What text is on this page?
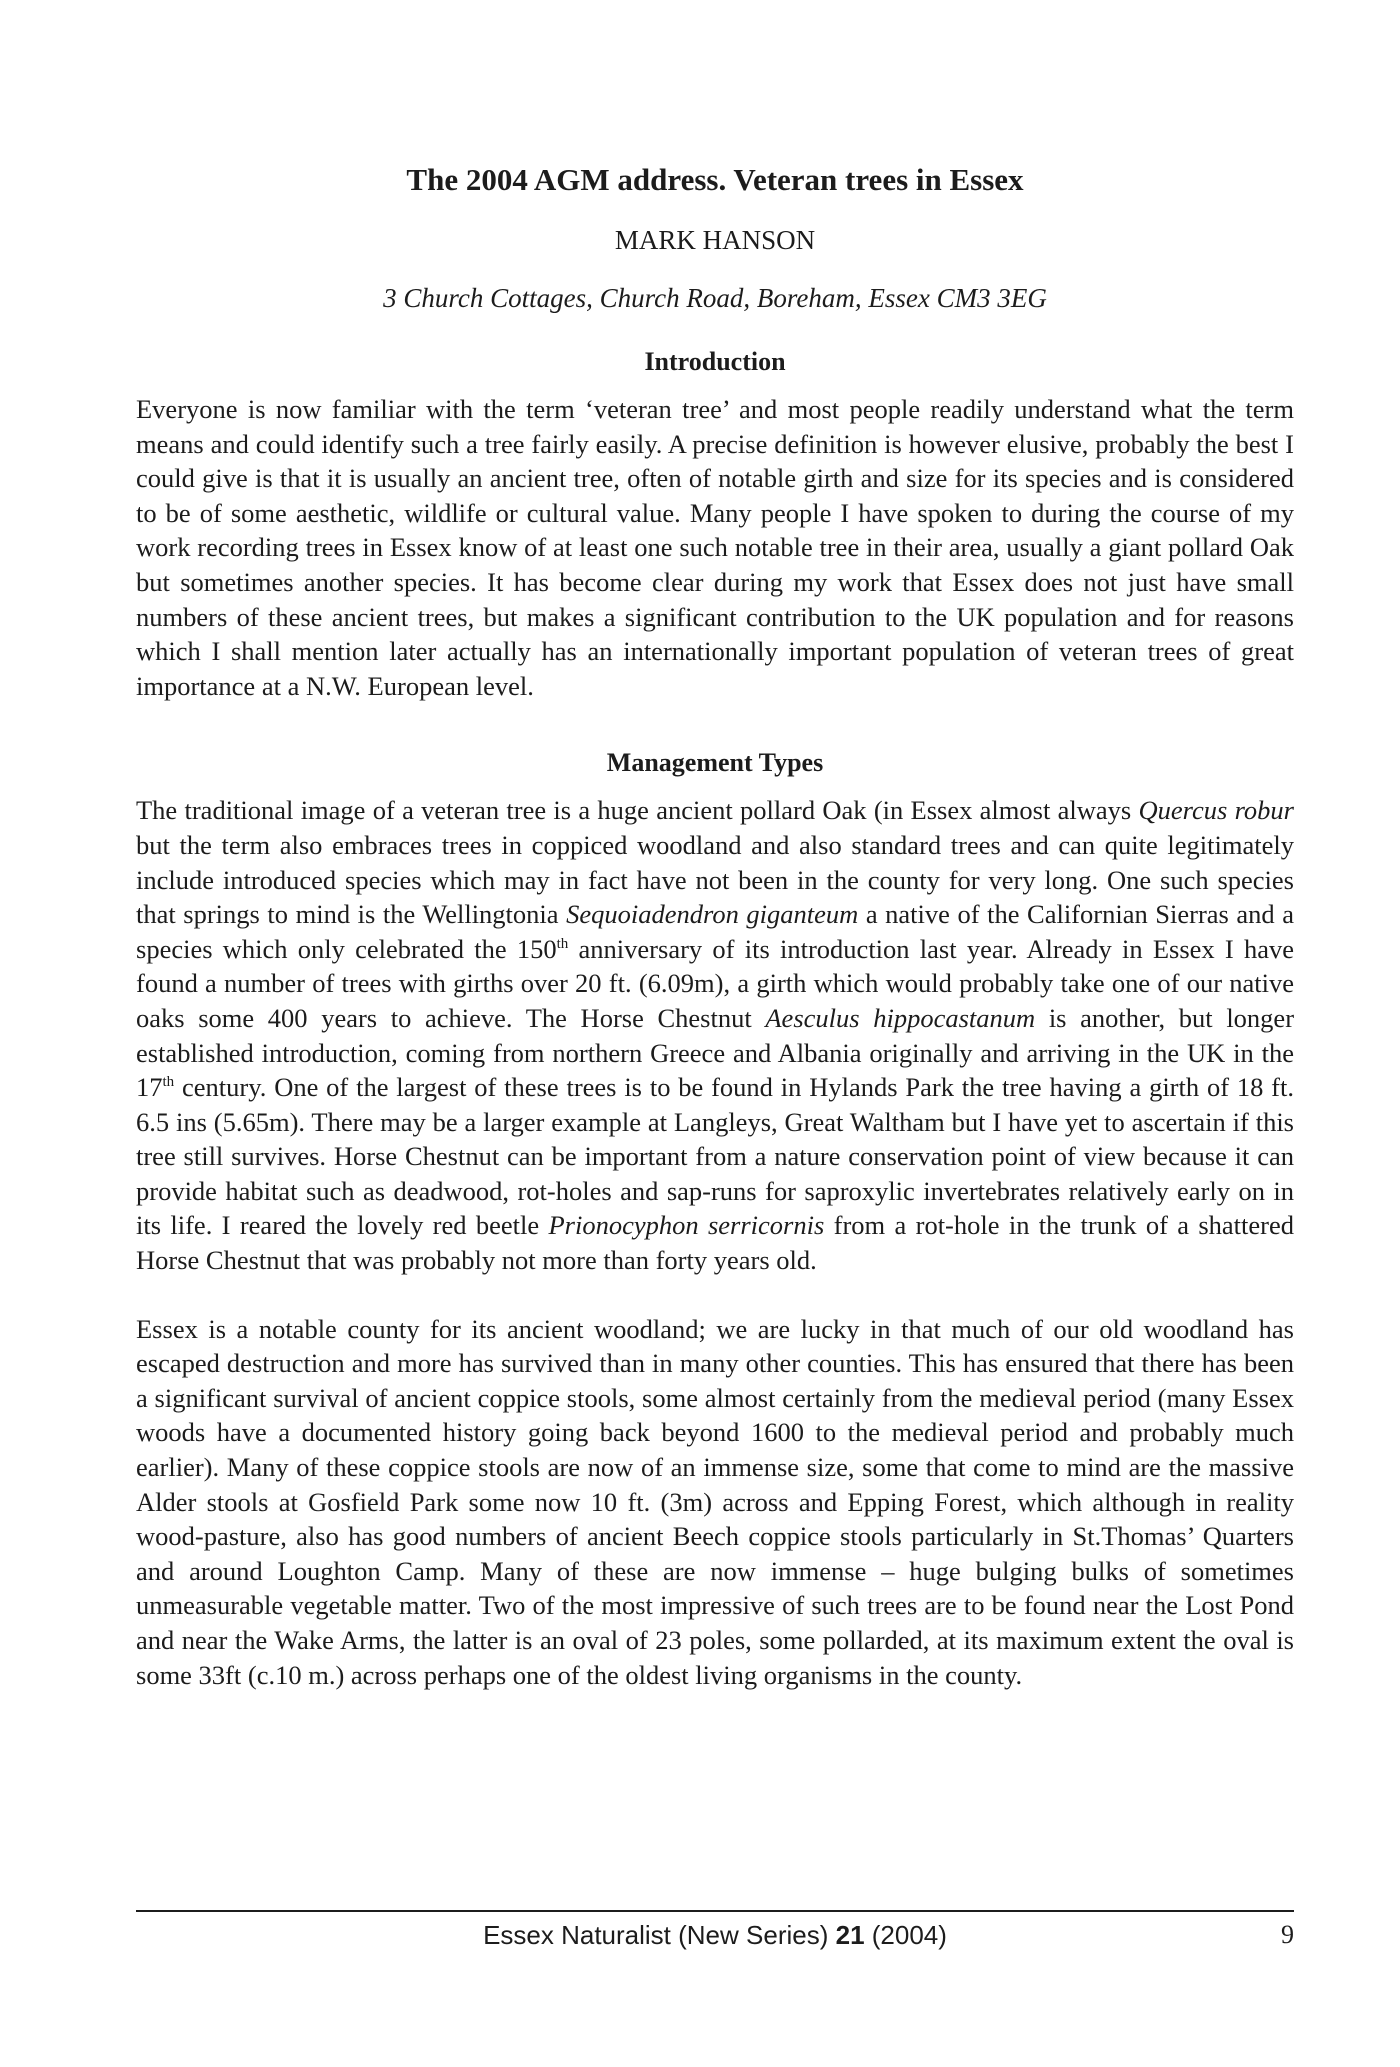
The 2004 AGM address. Veteran trees in Essex
MARK HANSON
3 Church Cottages, Church Road, Boreham, Essex CM3 3EG
Introduction

Everyone is now familiar with the term ‘veteran tree’ and most people readily understand what the term means and could identify such a tree fairly easily. A precise definition is however elusive, probably the best I could give is that it is usually an ancient tree, often of notable girth and size for its species and is considered to be of some aesthetic, wildlife or cultural value. Many people I have spoken to during the course of my work recording trees in Essex know of at least one such notable tree in their area, usually a giant pollard Oak but sometimes another species. It has become clear during my work that Essex does not just have small numbers of these ancient trees, but makes a significant contribution to the UK population and for reasons which I shall mention later actually has an internationally important population of veteran trees of great importance at a N.W. European level.

Management Types

The traditional image of a veteran tree is a huge ancient pollard Oak (in Essex almost always Quercus robur but the term also embraces trees in coppiced woodland and also standard trees and can quite legitimately include introduced species which may in fact have not been in the county for very long. One such species that springs to mind is the Wellingtonia Sequoiadendron giganteum a native of the Californian Sierras and a species which only celebrated the 150th anniversary of its introduction last year. Already in Essex I have found a number of trees with girths over 20 ft. (6.09m), a girth which would probably take one of our native oaks some 400 years to achieve. The Horse Chestnut Aesculus hippocastanum is another, but longer established introduction, coming from northern Greece and Albania originally and arriving in the UK in the 17th century. One of the largest of these trees is to be found in Hylands Park the tree having a girth of 18 ft. 6.5 ins (5.65m). There may be a larger example at Langleys, Great Waltham but I have yet to ascertain if this tree still survives. Horse Chestnut can be important from a nature conservation point of view because it can provide habitat such as deadwood, rot-holes and sap-runs for saproxylic invertebrates relatively early on in its life. I reared the lovely red beetle Prionocyphon serricornis from a rot-hole in the trunk of a shattered Horse Chestnut that was probably not more than forty years old.

Essex is a notable county for its ancient woodland; we are lucky in that much of our old woodland has escaped destruction and more has survived than in many other counties. This has ensured that there has been a significant survival of ancient coppice stools, some almost certainly from the medieval period (many Essex woods have a documented history going back beyond 1600 to the medieval period and probably much earlier). Many of these coppice stools are now of an immense size, some that come to mind are the massive Alder stools at Gosfield Park some now 10 ft. (3m) across and Epping Forest, which although in reality wood-pasture, also has good numbers of ancient Beech coppice stools particularly in St.Thomas’ Quarters and around Loughton Camp. Many of these are now immense – huge bulging bulks of sometimes unmeasurable vegetable matter. Two of the most impressive of such trees are to be found near the Lost Pond and near the Wake Arms, the latter is an oval of 23 poles, some pollarded, at its maximum extent the oval is some 33ft (c.10 m.) across perhaps one of the oldest living organisms in the county.

Essex Naturalist (New Series) 21 (2004)	9
